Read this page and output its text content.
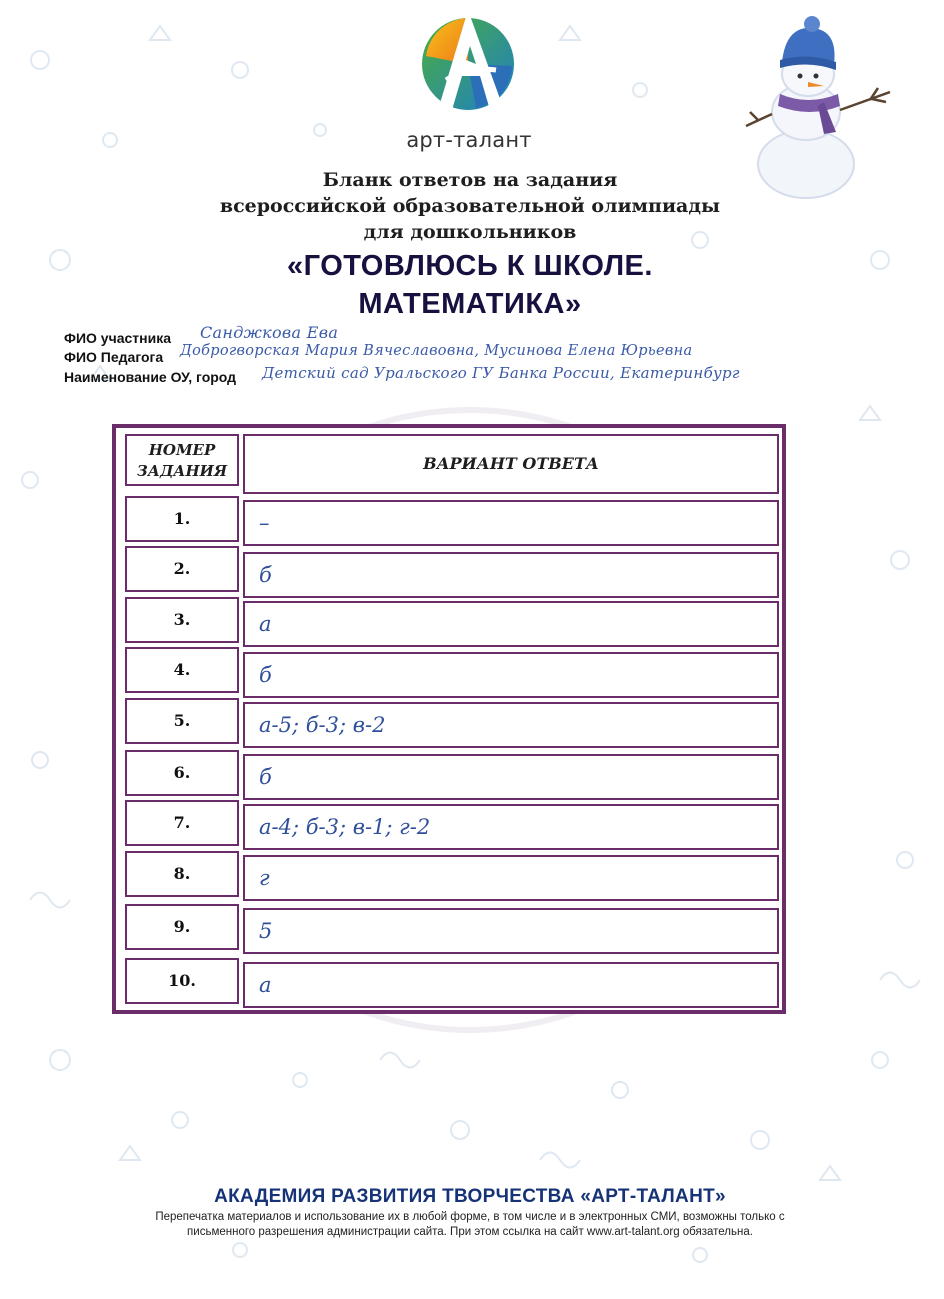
арт-талант
Бланк ответов на задания
всероссийской образовательной олимпиады
для дошкольников
«ГОТОВЛЮСЬ К ШКОЛЕ.
МАТЕМАТИКА»
ФИО участника Санджкова Ева
ФИО Педагога Доброгворская Мария Вячеславовна, Мусинова Елена Юрьевна
Наименование ОУ, город Детский сад Уральского ГУ Банка России, Екатеринбург
НОМЕР
ЗАДАНИЯ	ВАРИАНТ ОТВЕТА
1.	–
2.	б
3.	а
4.	б
5.	а-5; б-3; в-2
6.	б
7.	а-4; б-3; в-1; г-2
8.	г
9.	5
10.	а
АКАДЕМИЯ РАЗВИТИЯ ТВОРЧЕСТВА «АРТ-ТАЛАНТ»
Перепечатка материалов и использование их в любой форме, в том числе и в электронных СМИ, возможны только с
письменного разрешения администрации сайта. При этом ссылка на сайт www.art-talant.org обязательна.
